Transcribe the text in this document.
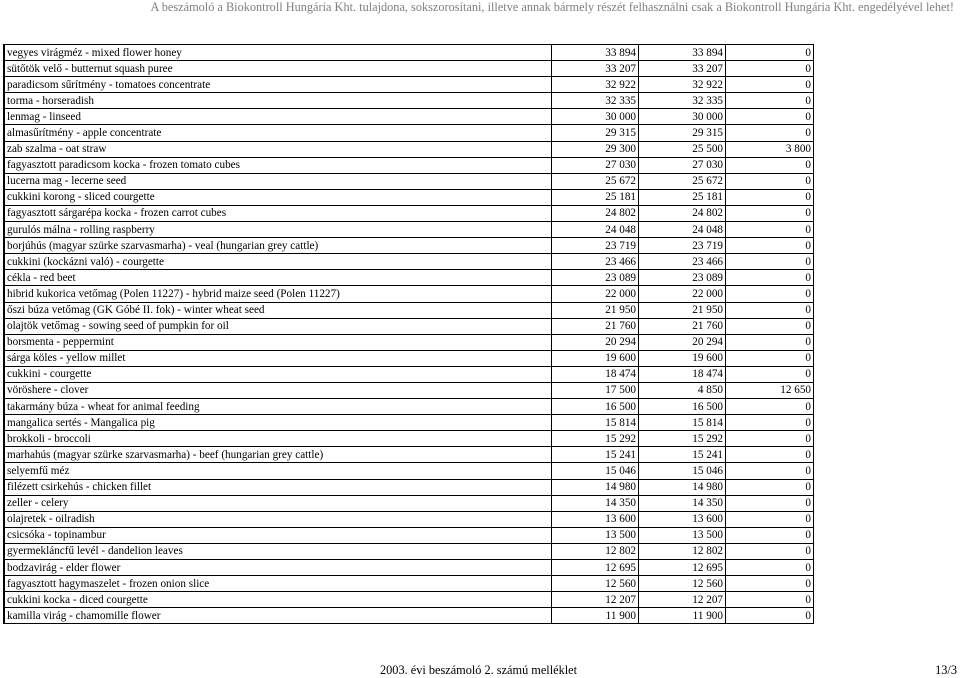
A beszámoló a Biokontroll Hungária Kht. tulajdona, sokszorosítani, illetve annak bármely részét felhasználni csak a Biokontroll Hungária Kht. engedélyével lehet!
vegyes virágméz - mixed flower honey	33 894	33 894	0
sütőtök velő - butternut squash puree	33 207	33 207	0
paradicsom sűrítmény - tomatoes concentrate	32 922	32 922	0
torma - horseradish	32 335	32 335	0
lenmag - linseed	30 000	30 000	0
almasűrítmény - apple concentrate	29 315	29 315	0
zab szalma - oat straw	29 300	25 500	3 800
fagyasztott paradicsom kocka - frozen tomato cubes	27 030	27 030	0
lucerna mag - lecerne seed	25 672	25 672	0
cukkini korong - sliced courgette	25 181	25 181	0
fagyasztott sárgarépa kocka - frozen carrot cubes	24 802	24 802	0
gurulós málna - rolling raspberry	24 048	24 048	0
borjúhús (magyar szürke szarvasmarha) - veal (hungarian grey cattle)	23 719	23 719	0
cukkini (kockázni való) - courgette	23 466	23 466	0
cékla - red beet	23 089	23 089	0
hibrid kukorica vetőmag (Polen 11227) - hybrid maize seed (Polen 11227)	22 000	22 000	0
őszi búza vetőmag (GK Góbé II. fok) - winter wheat seed	21 950	21 950	0
olajtök vetőmag - sowing seed of pumpkin for oil	21 760	21 760	0
borsmenta - peppermint	20 294	20 294	0
sárga köles - yellow millet	19 600	19 600	0
cukkini - courgette	18 474	18 474	0
vöröshere - clover	17 500	4 850	12 650
takarmány búza - wheat for animal feeding	16 500	16 500	0
mangalica sertés - Mangalica pig	15 814	15 814	0
brokkoli - broccoli	15 292	15 292	0
marhahús (magyar szürke szarvasmarha) - beef (hungarian grey cattle)	15 241	15 241	0
selyemfű méz	15 046	15 046	0
filézett csirkehús - chicken fillet	14 980	14 980	0
zeller - celery	14 350	14 350	0
olajretek - oilradish	13 600	13 600	0
csicsóka - topinambur	13 500	13 500	0
gyermekláncfű levél - dandelion leaves	12 802	12 802	0
bodzavirág - elder flower	12 695	12 695	0
fagyasztott hagymaszelet - frozen onion slice	12 560	12 560	0
cukkini kocka - diced courgette	12 207	12 207	0
kamilla virág - chamomille flower	11 900	11 900	0
2003. évi beszámoló 2. számú melléklet	13/3
